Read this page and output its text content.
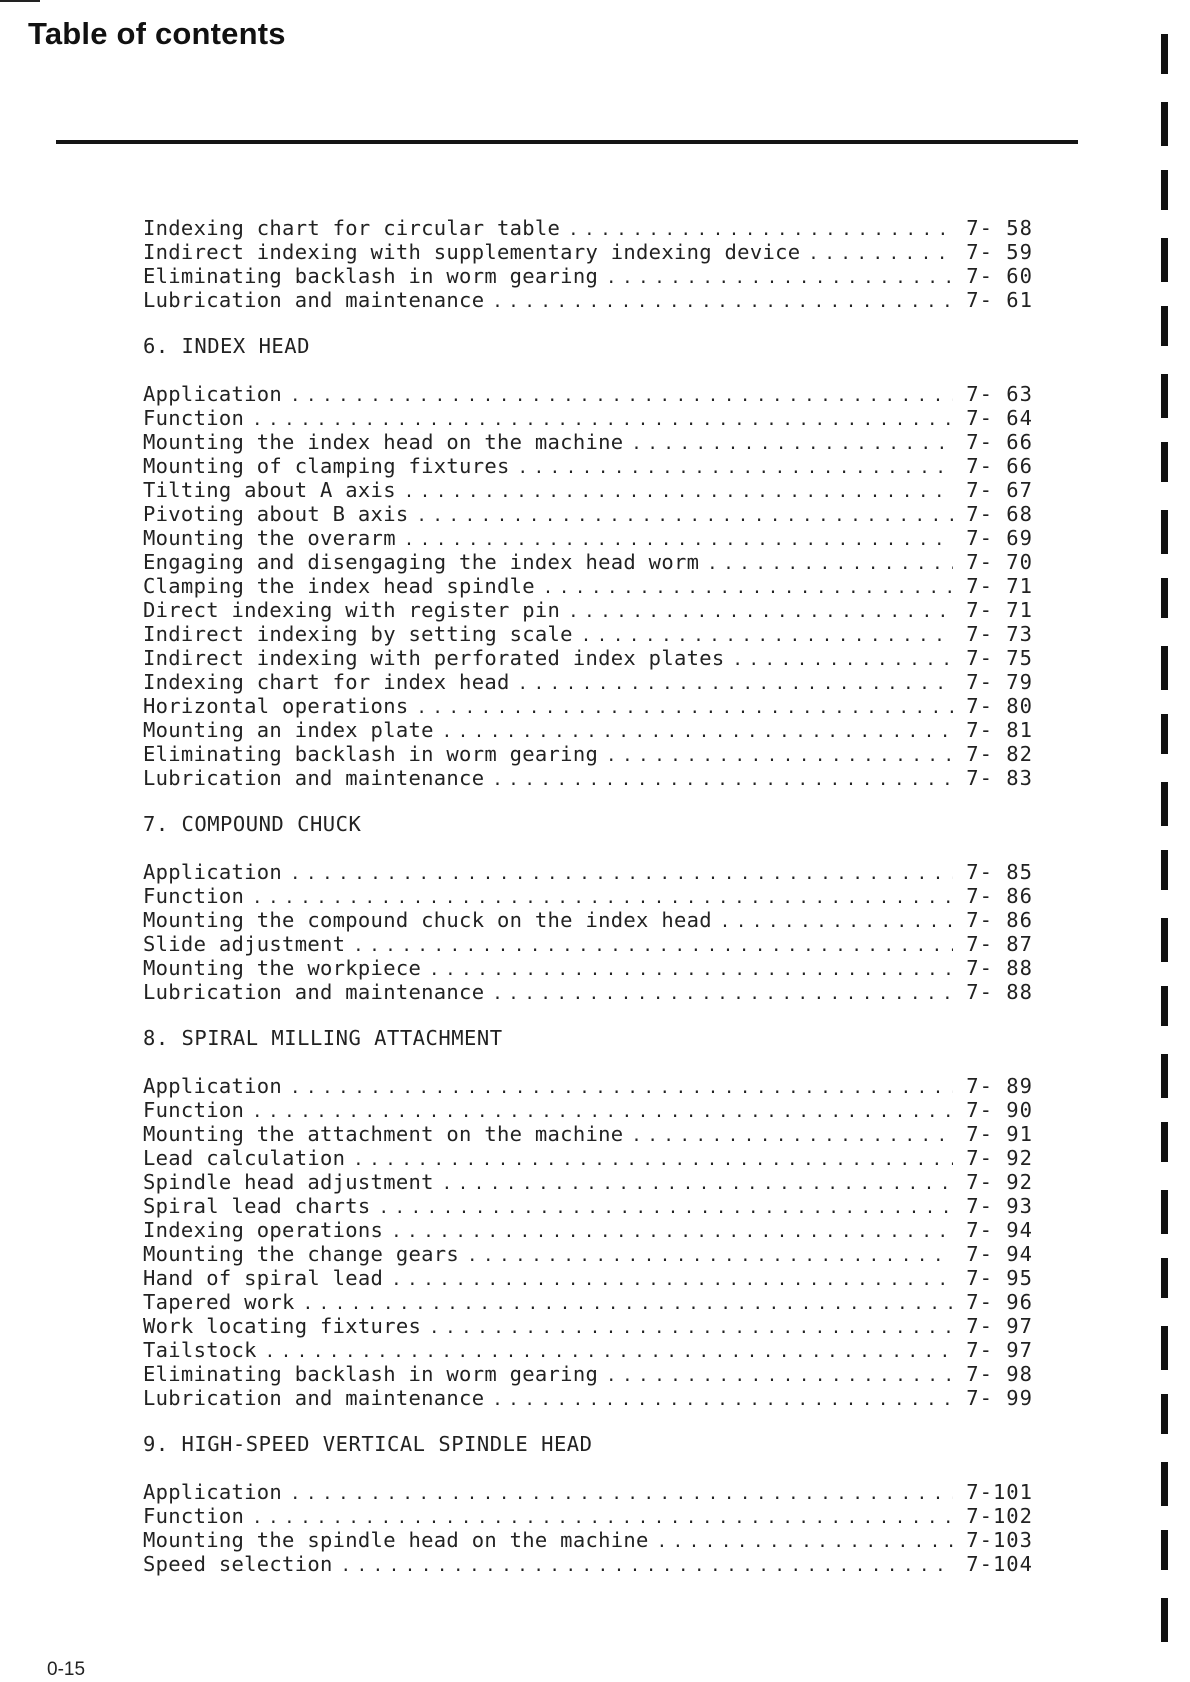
Table of contents
Indexing chart for circular table . . .	7- 58
Indirect indexing with supplementary indexing device . . .	7- 59
Eliminating backlash in worm gearing . . .	7- 60
Lubrication and maintenance . . .	7- 61
6. INDEX HEAD
Application . . .	7- 63
Function . . .	7- 64
Mounting the index head on the machine . . .	7- 66
Mounting of clamping fixtures . . .	7- 66
Tilting about A axis . . .	7- 67
Pivoting about B axis . . .	7- 68
Mounting the overarm . . .	7- 69
Engaging and disengaging the index head worm . . .	7- 70
Clamping the index head spindle . . .	7- 71
Direct indexing with register pin . . .	7- 71
Indirect indexing by setting scale . . .	7- 73
Indirect indexing with perforated index plates . . .	7- 75
Indexing chart for index head . . .	7- 79
Horizontal operations . . .	7- 80
Mounting an index plate . . .	7- 81
Eliminating backlash in worm gearing . . .	7- 82
Lubrication and maintenance . . .	7- 83
7. COMPOUND CHUCK
Application . . .	7- 85
Function . . .	7- 86
Mounting the compound chuck on the index head . . .	7- 86
Slide adjustment . . .	7- 87
Mounting the workpiece . . .	7- 88
Lubrication and maintenance . . .	7- 88
8. SPIRAL MILLING ATTACHMENT
Application . . .	7- 89
Function . . .	7- 90
Mounting the attachment on the machine . . .	7- 91
Lead calculation . . .	7- 92
Spindle head adjustment . . .	7- 92
Spiral lead charts . . .	7- 93
Indexing operations . . .	7- 94
Mounting the change gears . . .	7- 94
Hand of spiral lead . . .	7- 95
Tapered work . . .	7- 96
Work locating fixtures . . .	7- 97
Tailstock . . .	7- 97
Eliminating backlash in worm gearing . . .	7- 98
Lubrication and maintenance . . .	7- 99
9. HIGH-SPEED VERTICAL SPINDLE HEAD
Application . . .	7-101
Function . . .	7-102
Mounting the spindle head on the machine . . .	7-103
Speed selection . . .	7-104
0-15
